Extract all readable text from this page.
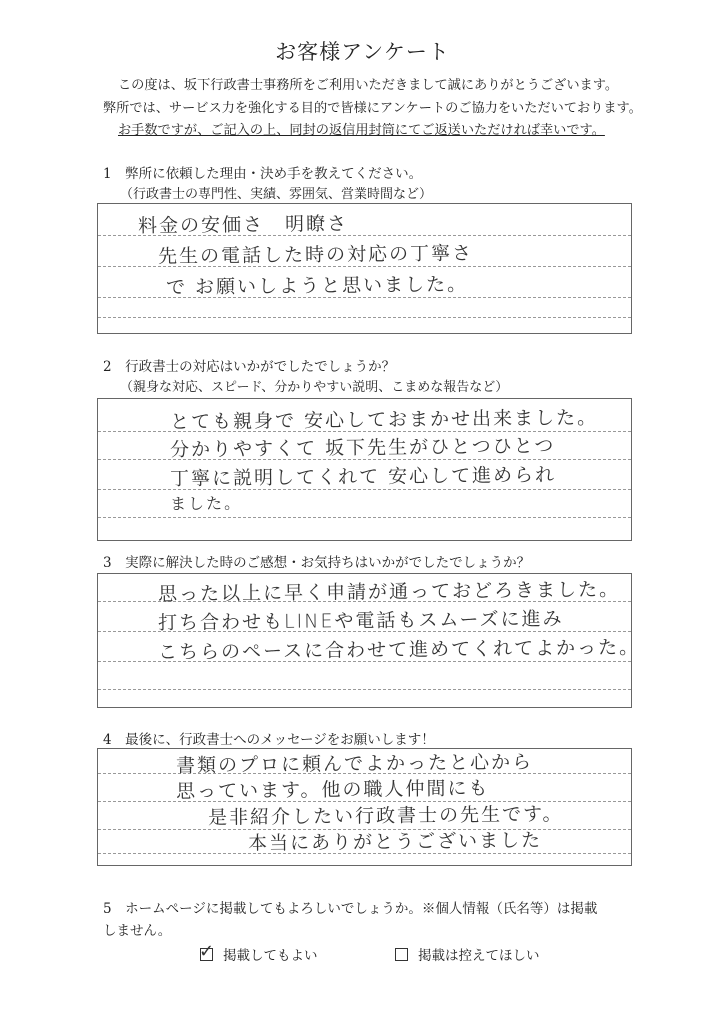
お客様アンケート
この度は、坂下行政書士事務所をご利用いただきまして誠にありがとうございます。
弊所では、サービス力を強化する目的で皆様にアンケートのご協力をいただいております。
お手数ですが、ご記入の上、同封の返信用封筒にてご返送いただければ幸いです。
1　 弊所に依頼した理由・決め手を教えてください。
（行政書士の専門性、実績、雰囲気、営業時間など）
料金の安価さ　明瞭さ
先生の電話した時の対応の丁寧さ
で お願いしようと思いました。
2　 行政書士の対応はいかがでしたでしょうか？
（親身な対応、スピード、分かりやすい説明、こまめな報告など）
とても親身で 安心しておまかせ出来ました。
分かりやすくて 坂下先生がひとつひとつ
丁寧に説明してくれて 安心して進められ
ました。
3　 実際に解決した時のご感想・お気持ちはいかがでしたでしょうか？
思った以上に早く申請が通っておどろきました。
打ち合わせもLINEや電話もスムーズに進み
こちらのペースに合わせて進めてくれてよかった。
4　 最後に、行政書士へのメッセージをお願いします！
書類のプロに頼んでよかったと心から
思っています。他の職人仲間にも
是非紹介したい行政書士の先生です。
本当にありがとうございました
5　 ホームページに掲載してもよろしいでしょうか。※個人情報（氏名等）は掲載
しません。
✓ 掲載してもよい	掲載は控えてほしい
